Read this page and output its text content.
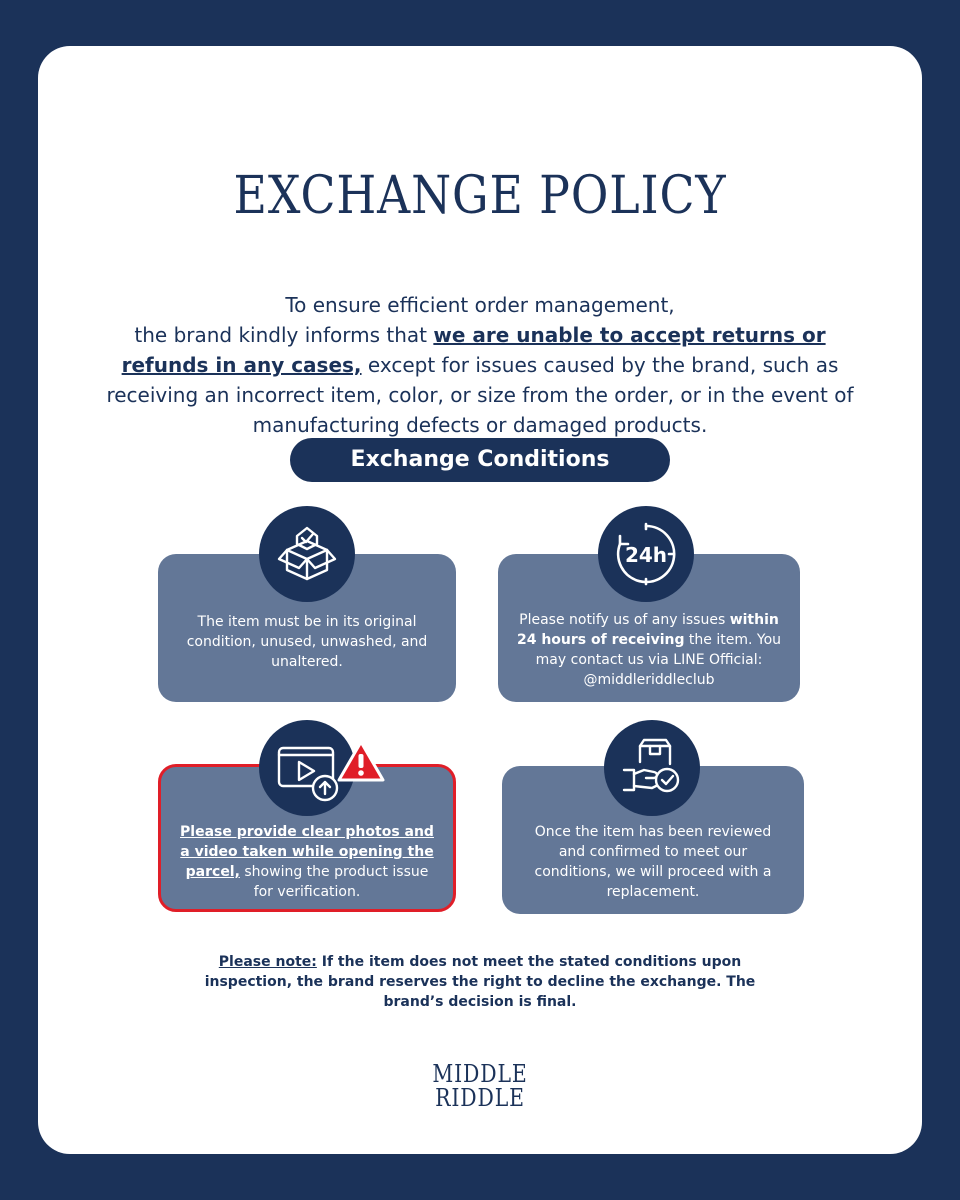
EXCHANGE POLICY

To ensure efficient order management,
the brand kindly informs that we are unable to accept returns or refunds in any cases, except for issues caused by the brand, such as receiving an incorrect item, color, or size from the order, or in the event of manufacturing defects or damaged products.

Exchange Conditions

The item must be in its original condition, unused, unwashed, and unaltered.

Please notify us of any issues within 24 hours of receiving the item. You may contact us via LINE Official: @middleriddleclub

24h

Please provide clear photos and a video taken while opening the parcel, showing the product issue for verification.

Once the item has been reviewed and confirmed to meet our conditions, we will proceed with a replacement.

Please note: If the item does not meet the stated conditions upon inspection, the brand reserves the right to decline the exchange. The brand’s decision is final.

MIDDLE
RIDDLE
